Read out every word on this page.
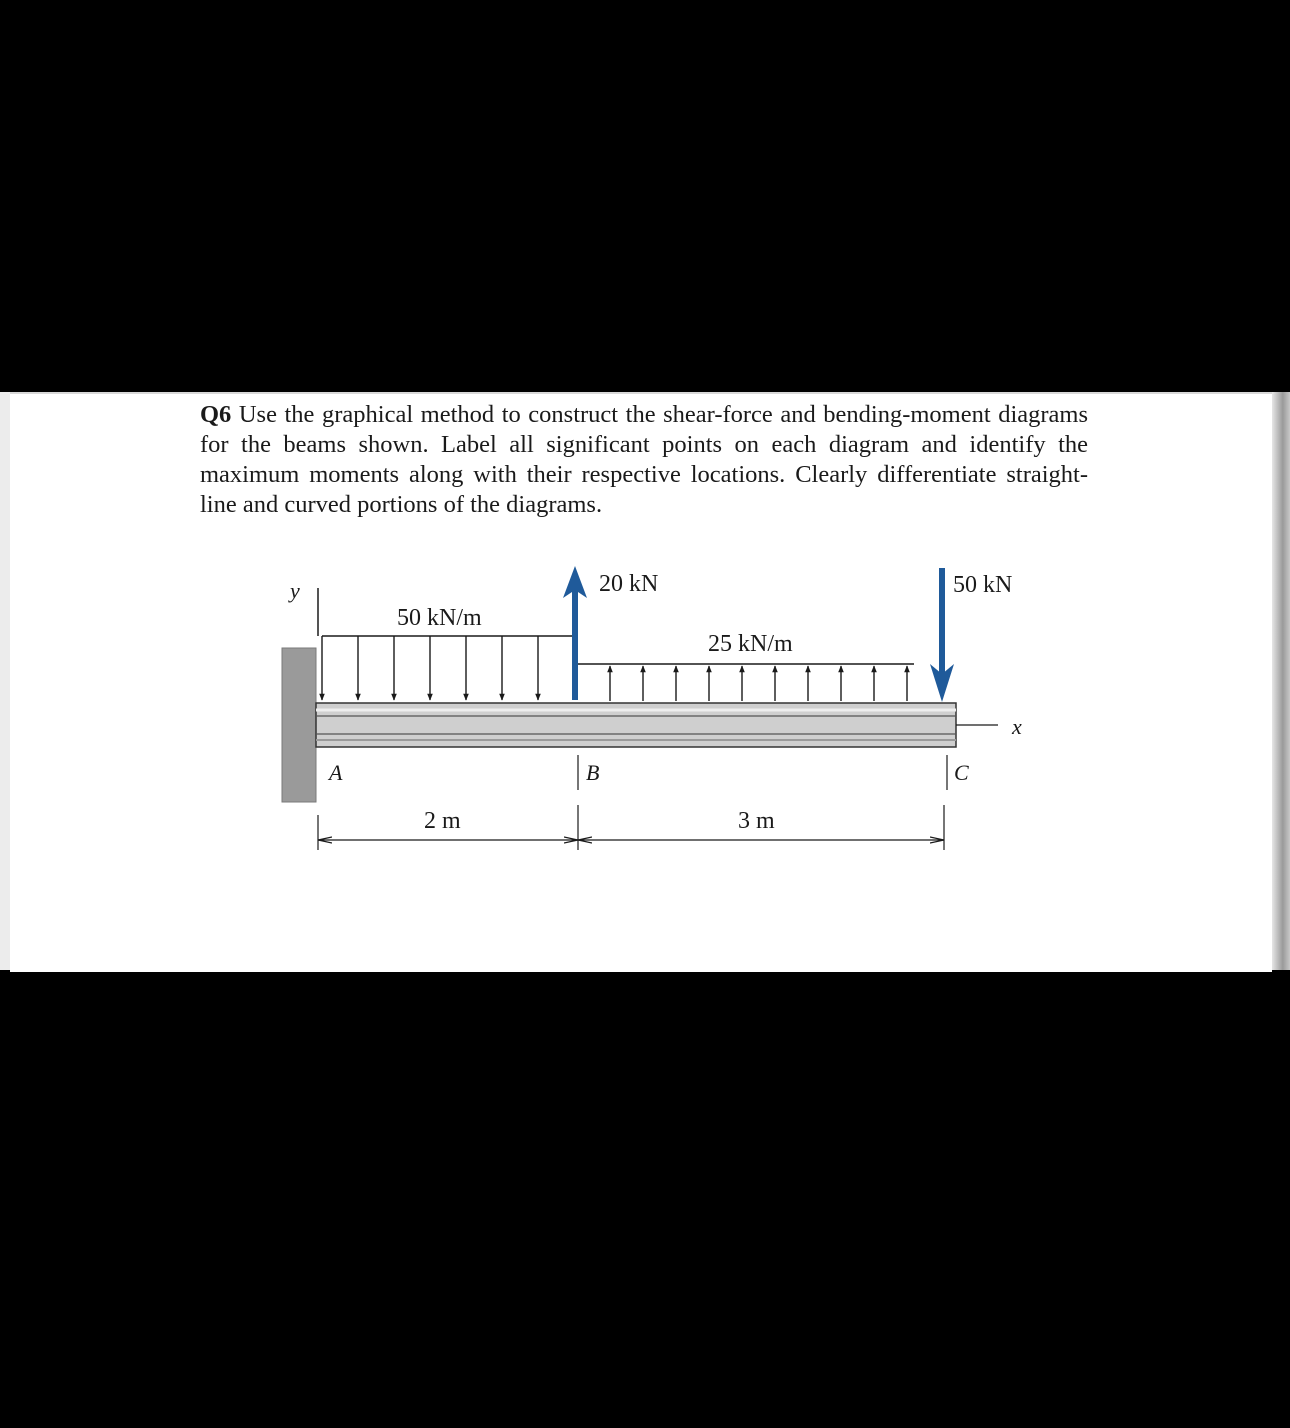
Q6 Use the graphical method to construct the shear-force and bending-moment diagrams for the beams shown. Label all significant points on each diagram and identify the maximum moments along with their respective locations. Clearly differentiate straight-line and curved portions of the diagrams.
y
x
50 kN/m
25 kN/m
20 kN	50 kN
A	B	C
2 m	3 m
